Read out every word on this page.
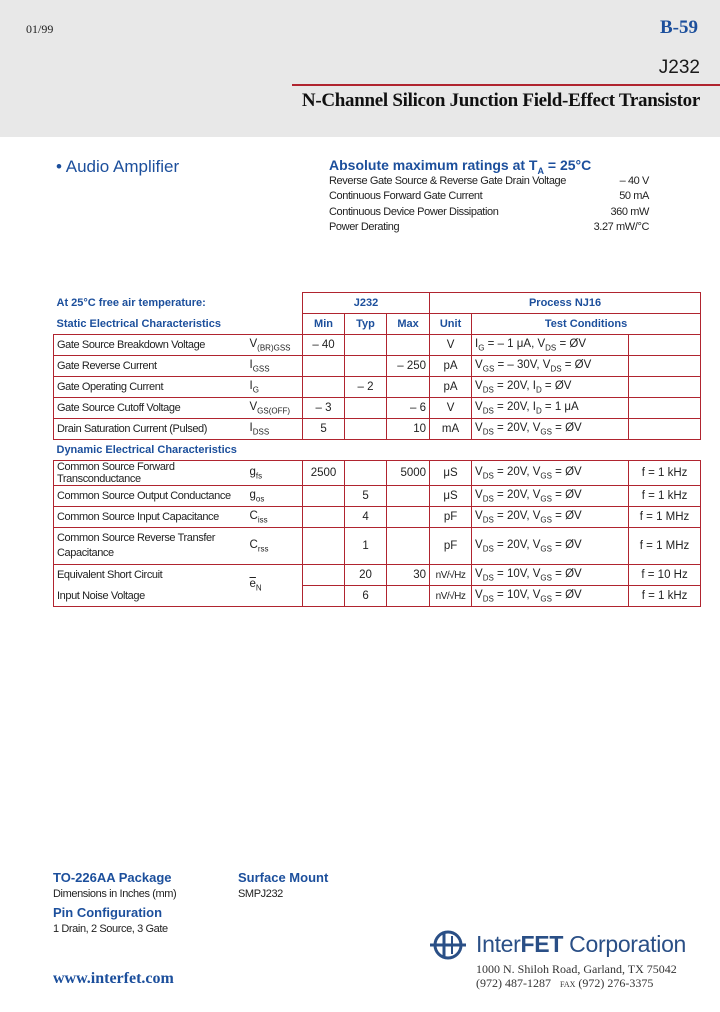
01/99	B-59
J232
N-Channel Silicon Junction Field-Effect Transistor
• Audio Amplifier	Absolute maximum ratings at $T_A = 25^\circ C$
Reverse Gate Source & Reverse Gate Drain Voltage	– 40 V
Continuous Forward Gate Current	50 mA
Continuous Device Power Dissipation	360 mW
Power Derating	3.27 mW/°C
At 25°C free air temperature:		J232			Process NJ16		
Static Electrical Characteristics		Min	Typ	Max	Unit	Test Conditions	
Gate Source Breakdown Voltage	$V_{(BR)GSS}$	– 40			V	$I_G$ = – 1 μA, $V_{DS}$ = ØV	
Gate Reverse Current	$I_{GSS}$			– 250	pA	$V_{GS}$ = – 30V, $V_{DS}$ = ØV	
Gate Operating Current	$I_G$		– 2		pA	$V_{DS} = 20V$, $I_D$ = ØV	
Gate Source Cutoff Voltage	$V_{GS(OFF)}$	– 3		– 6	V	$V_{DS} = 20V$, $I_D = 1$ μA	
Drain Saturation Current (Pulsed)	$I_{DSS}$	5		10	mA	$V_{DS} = 20V$, $V_{GS}$ = ØV	
Dynamic Electrical Characteristics							
Common Source Forward Transconductance	$g_{fs}$	2500		5000	μS	$V_{DS} = 20V$, $V_{GS}$ = ØV	f = 1 kHz
Common Source Output Conductance	$g_{os}$		5		μS	$V_{DS} = 20V$, $V_{GS}$ = ØV	f = 1 kHz
Common Source Input Capacitance	$C_{iss}$		4		pF	$V_{DS} = 20V$, $V_{GS}$ = ØV	f = 1 MHz
Common Source Reverse Transfer Capacitance	$C_{rss}$		1		pF	$V_{DS} = 20V$, $V_{GS}$ = ØV	f = 1 MHz
Equivalent Short Circuit	$\overline{e}_N$		20	30	nV/√Hz	$V_{DS} = 10V$, $V_{GS}$ = ØV	f = 10 Hz
Input Noise Voltage			6		nV/√Hz	$V_{DS} = 10V$, $V_{GS}$ = ØV	f = 1 kHz
TO-226AA Package
Dimensions in Inches (mm)
Surface Mount
SMPJ232
Pin Configuration
1 Drain, 2 Source, 3 Gate
www.interfet.com
InterFET Corporation
1000 N. Shiloh Road, Garland, TX 75042
(972) 487-1287 FAX (972) 276-3375
